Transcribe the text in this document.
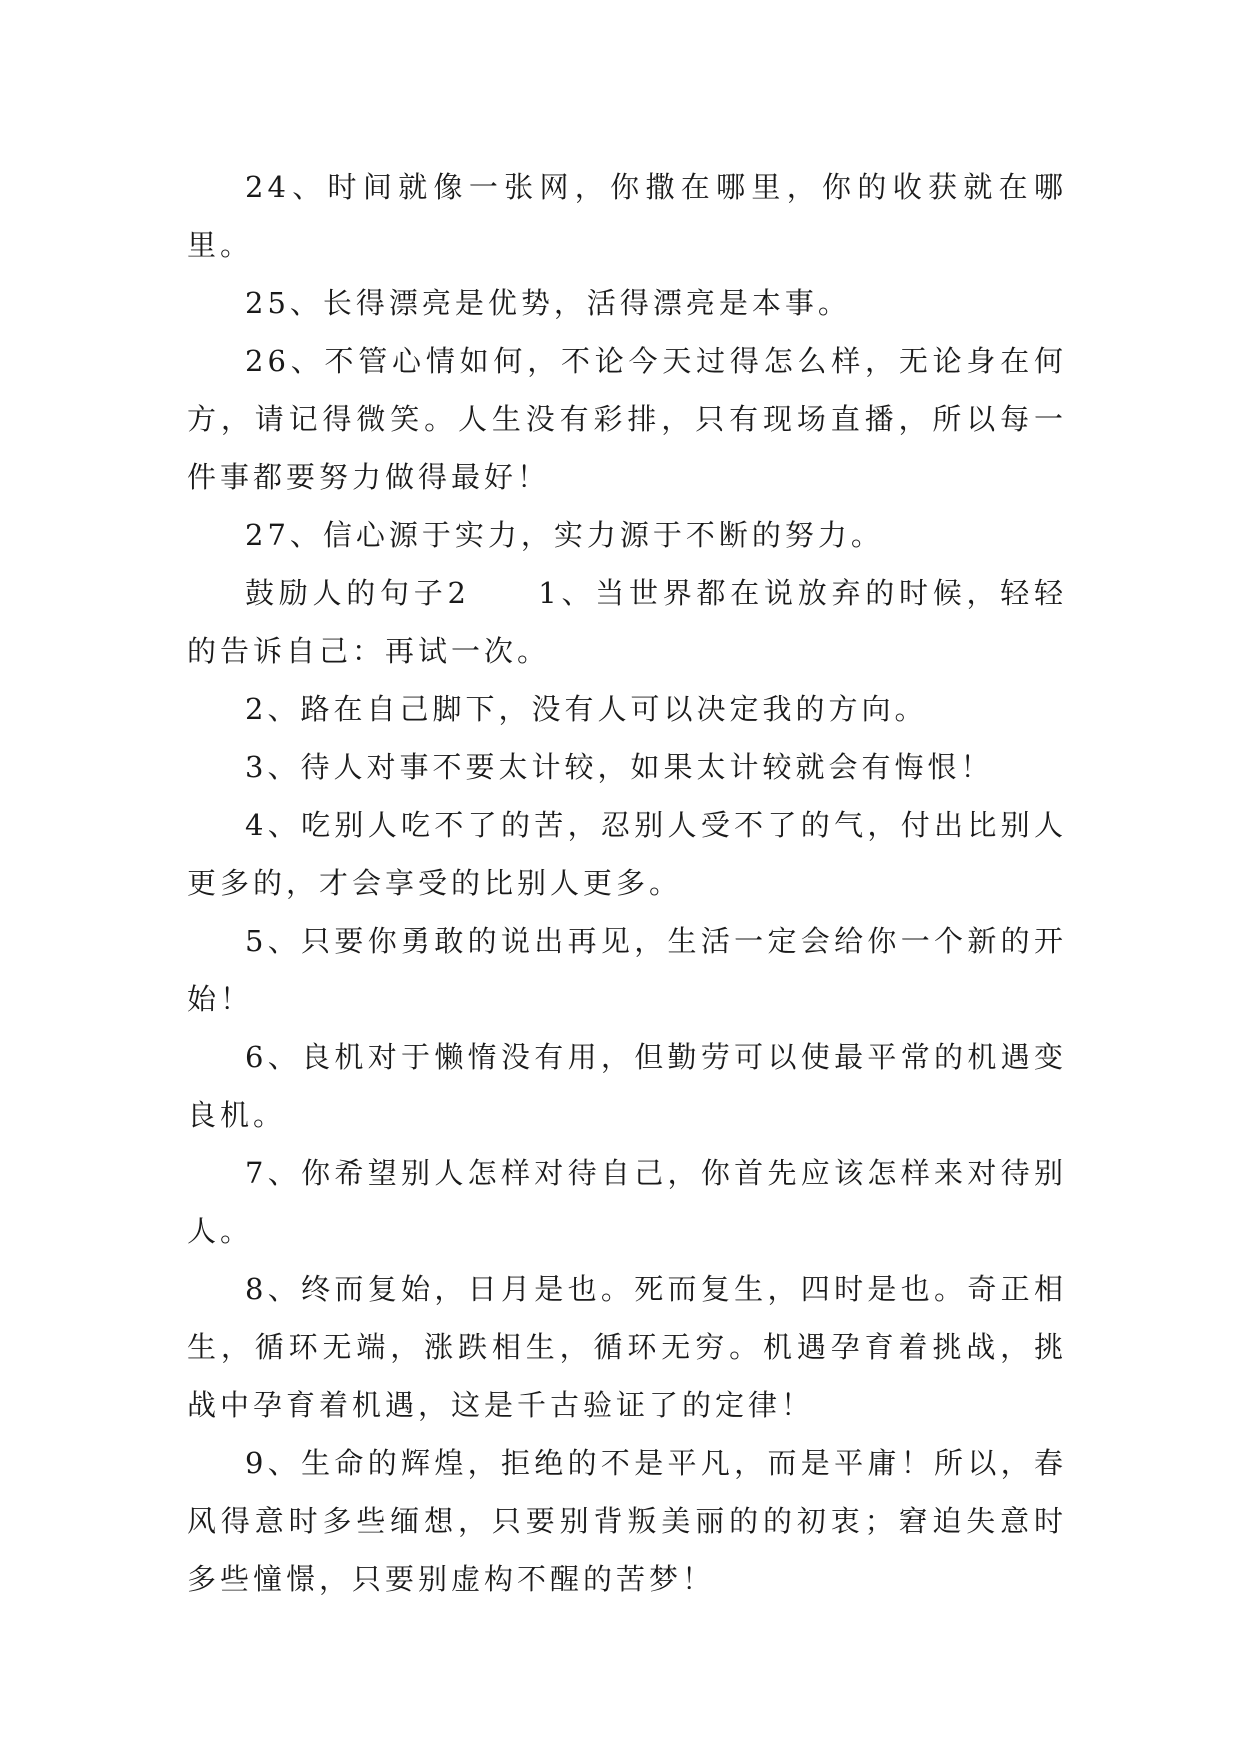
24、时间就像一张网，你撒在哪里，你的收获就在哪里。

25、长得漂亮是优势，活得漂亮是本事。

26、不管心情如何，不论今天过得怎么样，无论身在何方，请记得微笑。人生没有彩排，只有现场直播，所以每一件事都要努力做得最好！

27、信心源于实力，实力源于不断的努力。

鼓励人的句子2　　1、当世界都在说放弃的时候，轻轻的告诉自己：再试一次。

2、路在自己脚下，没有人可以决定我的方向。

3、待人对事不要太计较，如果太计较就会有悔恨！

4、吃别人吃不了的苦，忍别人受不了的气，付出比别人更多的，才会享受的比别人更多。

5、只要你勇敢的说出再见，生活一定会给你一个新的开始！

6、良机对于懒惰没有用，但勤劳可以使最平常的机遇变良机。

7、你希望别人怎样对待自己，你首先应该怎样来对待别人。

8、终而复始，日月是也。死而复生，四时是也。奇正相生，循环无端，涨跌相生，循环无穷。机遇孕育着挑战，挑战中孕育着机遇，这是千古验证了的定律！

9、生命的辉煌，拒绝的不是平凡，而是平庸！所以，春风得意时多些缅想，只要别背叛美丽的的初衷；窘迫失意时多些憧憬，只要别虚构不醒的苦梦！
